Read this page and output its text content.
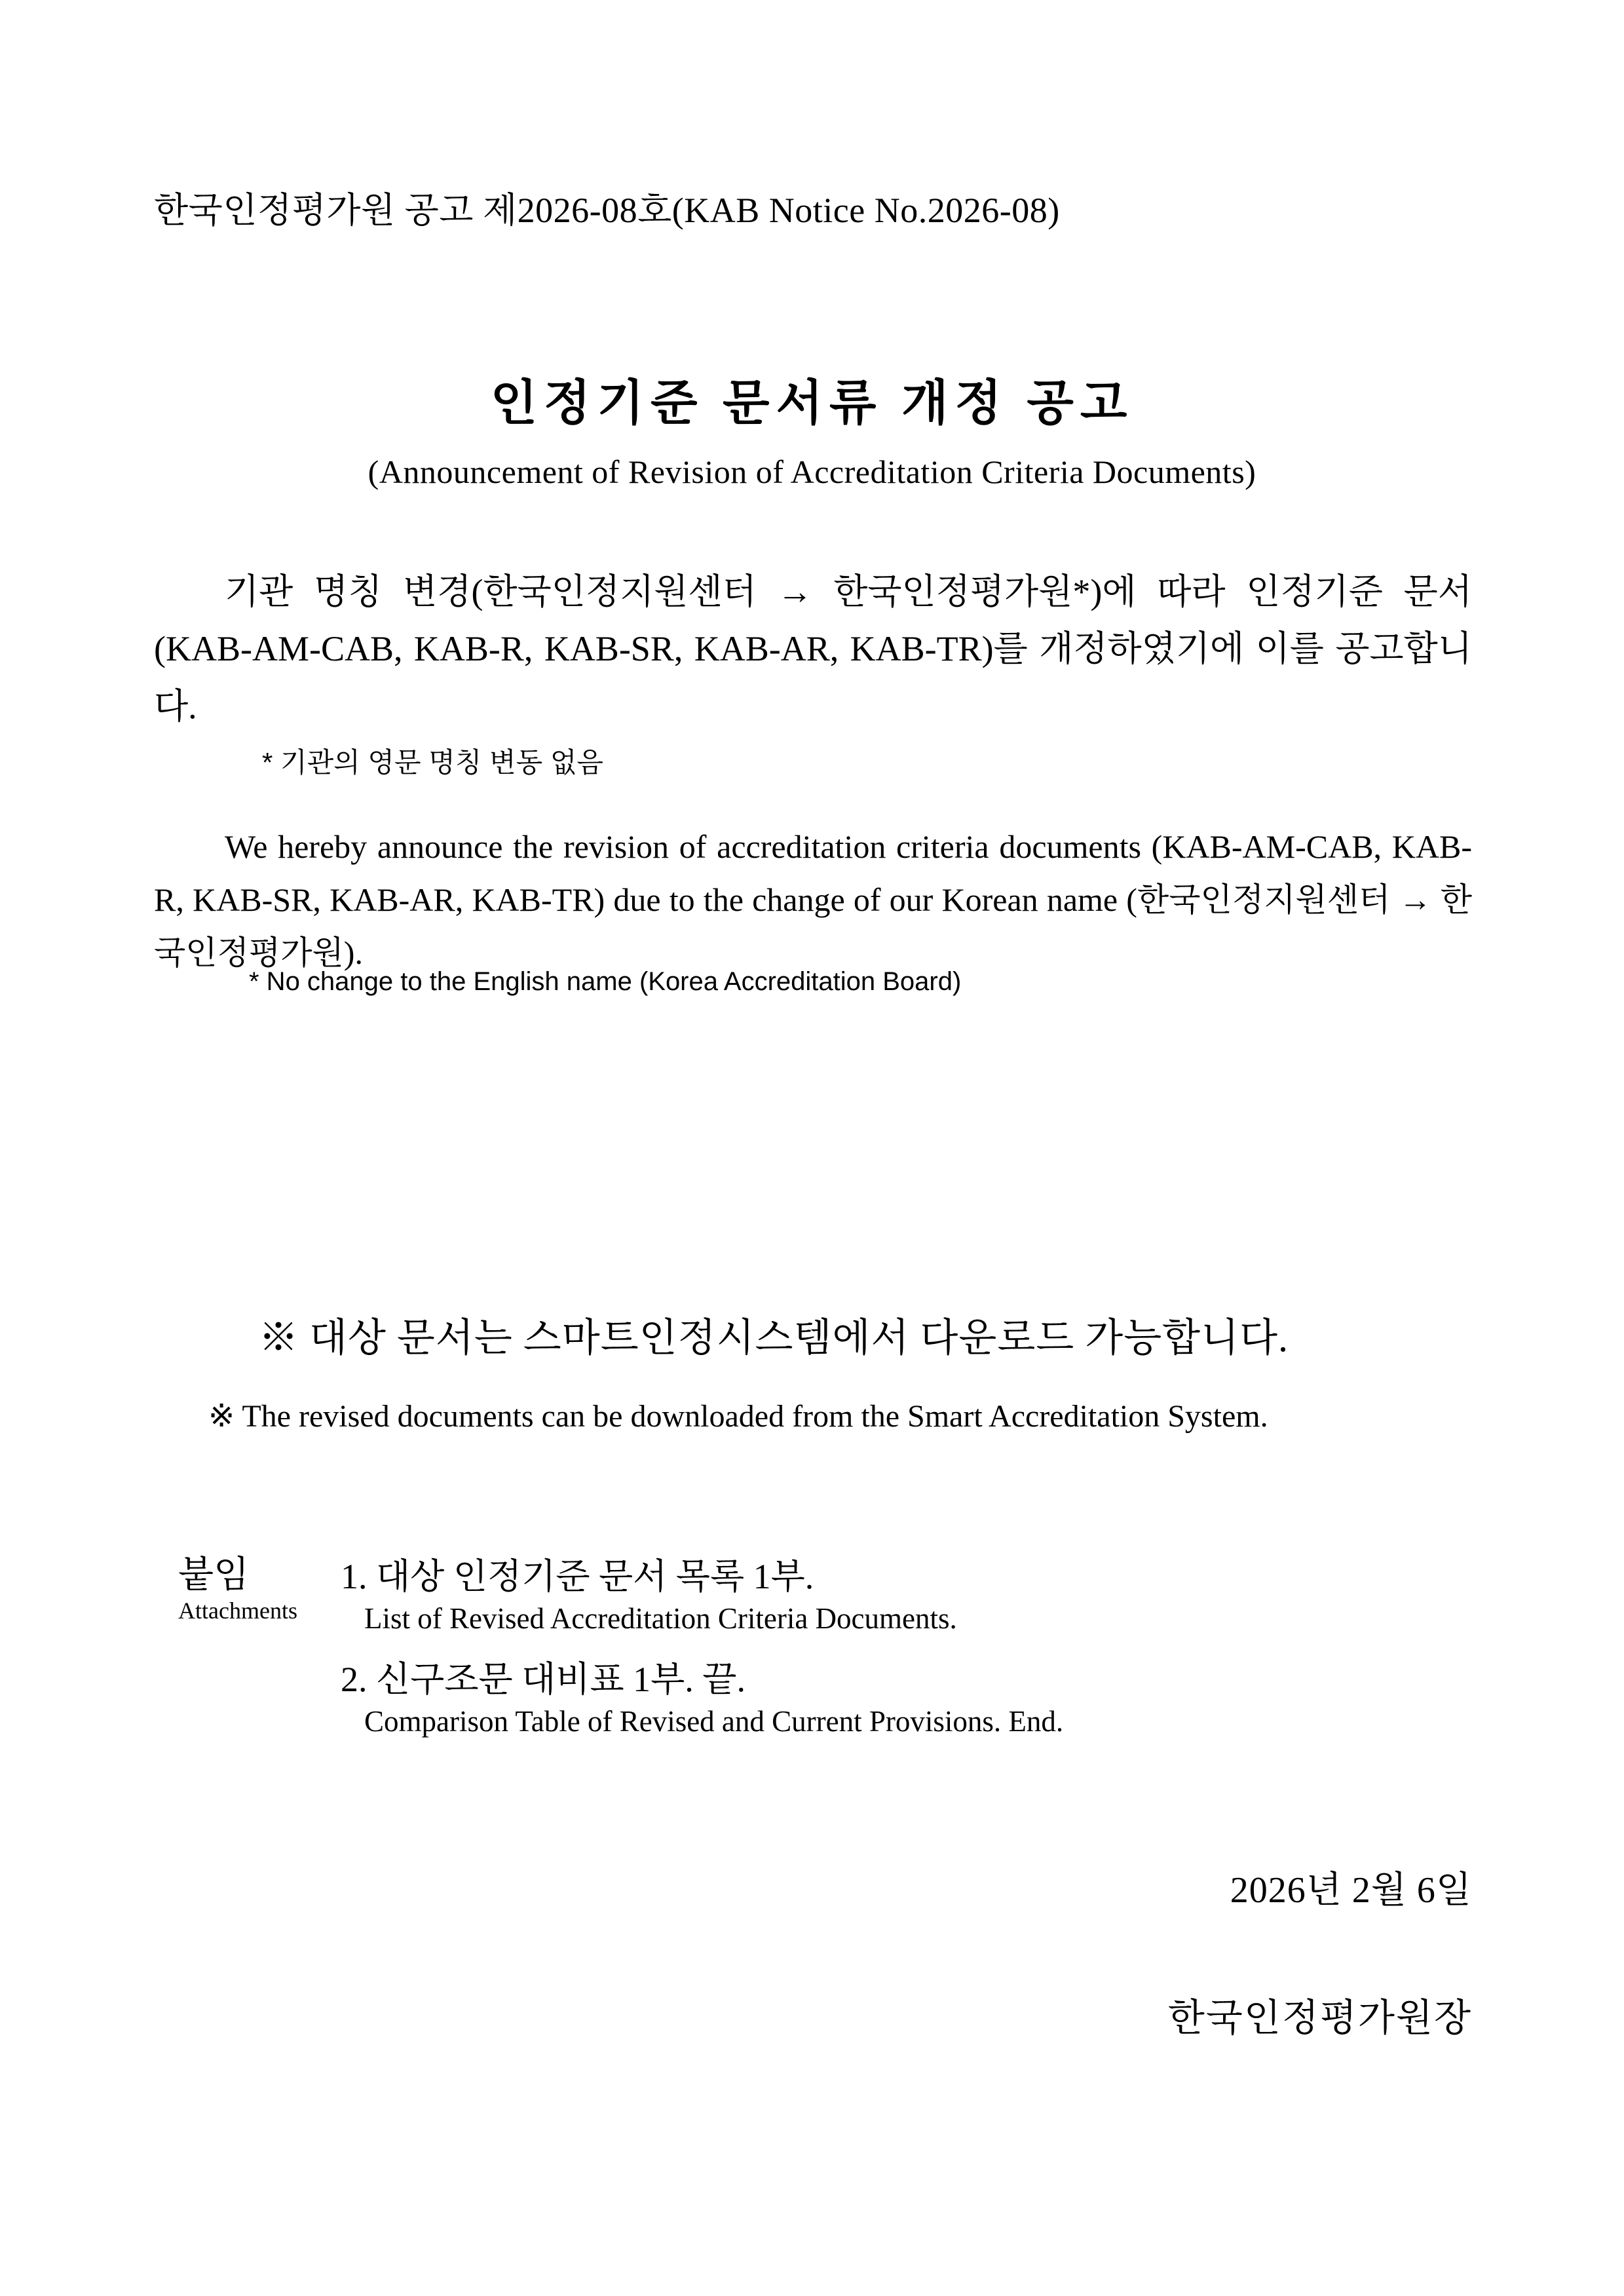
한국인정평가원 공고 제2026-08호(KAB Notice No.2026-08)
인정기준 문서류 개정 공고
(Announcement of Revision of Accreditation Criteria Documents)
기관 명칭 변경(한국인정지원센터 → 한국인정평가원*)에 따라 인정기준 문서(KAB-AM-CAB, KAB-R, KAB-SR, KAB-AR, KAB-TR)를 개정하였기에 이를 공고합니다.
* 기관의 영문 명칭 변동 없음
We hereby announce the revision of accreditation criteria documents (KAB-AM-CAB, KAB-R, KAB-SR, KAB-AR, KAB-TR) due to the change of our Korean name (한국인정지원센터 → 한국인정평가원).
* No change to the English name (Korea Accreditation Board)
※ 대상 문서는 스마트인정시스템에서 다운로드 가능합니다.
※ The revised documents can be downloaded from the Smart Accreditation System.
붙임
Attachments
1. 대상 인정기준 문서 목록 1부.
List of Revised Accreditation Criteria Documents.
2. 신구조문 대비표 1부. 끝.
Comparison Table of Revised and Current Provisions. End.
2026년 2월 6일
한국인정평가원장
